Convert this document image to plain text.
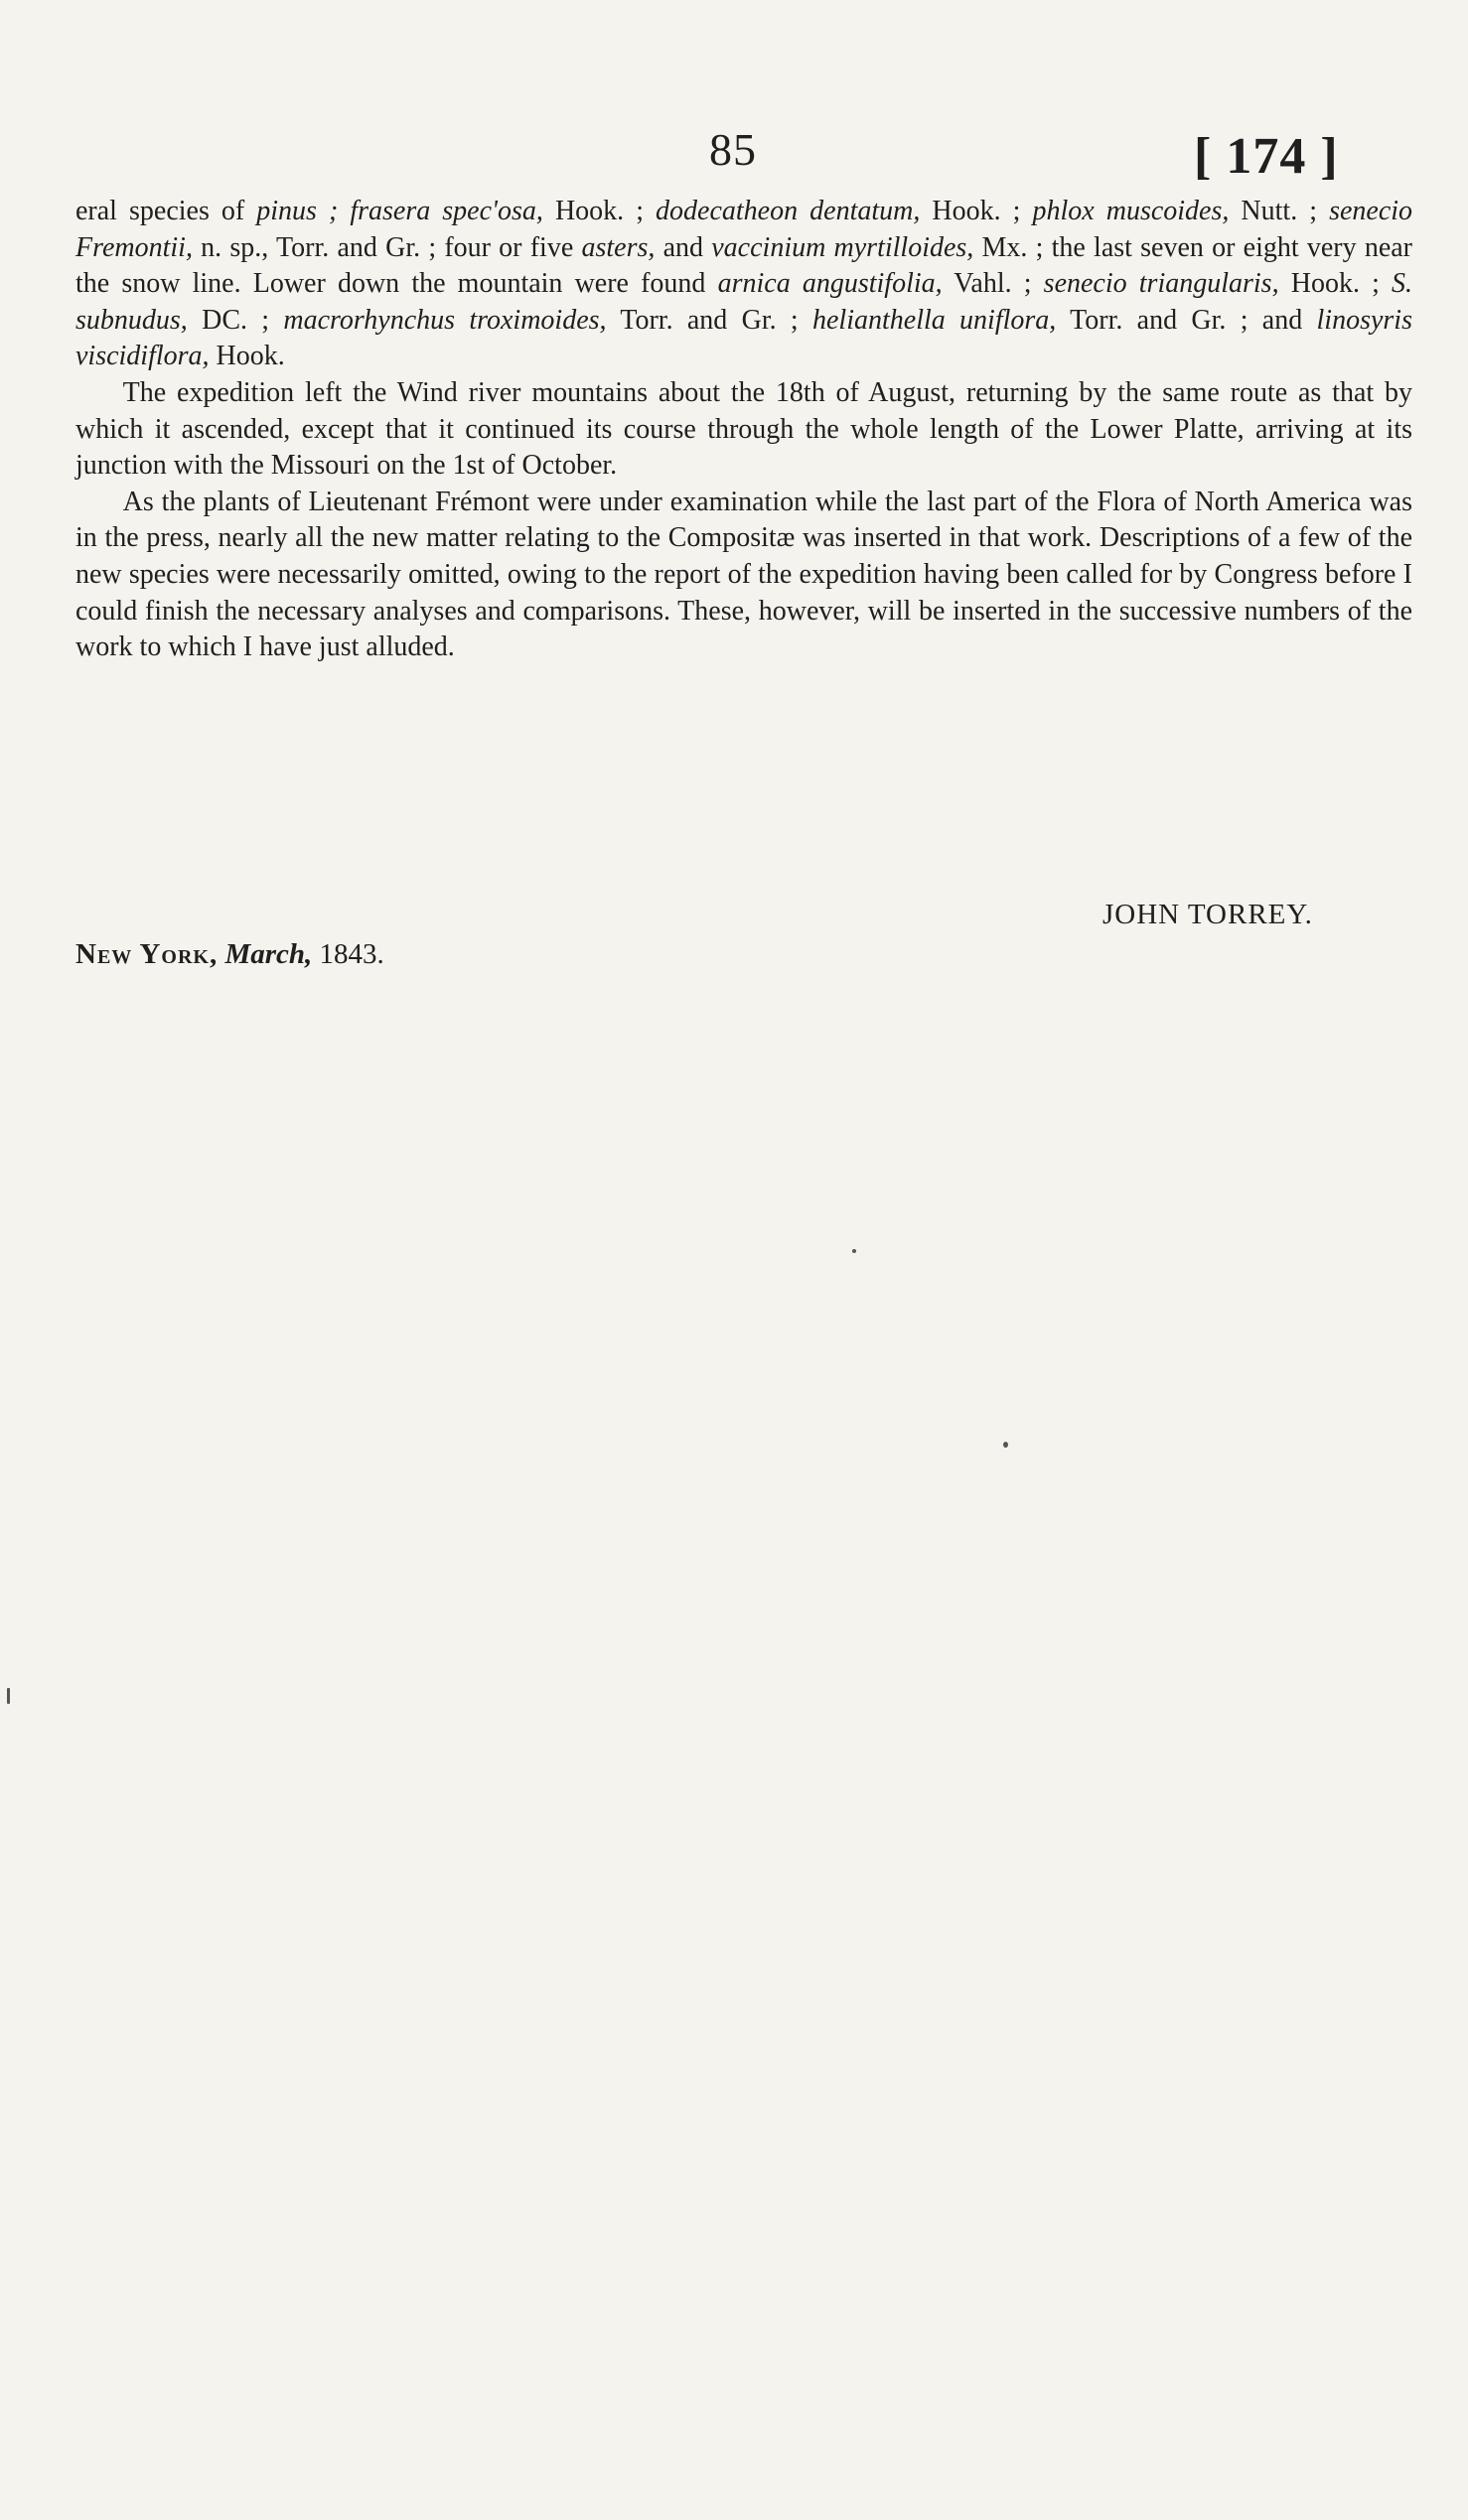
85	[ 174 ]

eral species of pinus ; frasera spec'osa, Hook. ; dodecatheon dentatum, Hook. ; phlox muscoides, Nutt. ; senecio Fremontii, n. sp., Torr. and Gr. ; four or five asters, and vaccinium myrtilloides, Mx. ; the last seven or eight very near the snow line. Lower down the mountain were found arnica angustifolia, Vahl. ; senecio triangularis, Hook. ; S. subnudus, DC. ; macrorhynchus troximoides, Torr. and Gr. ; helianthella uniflora, Torr. and Gr. ; and linosyris viscidiflora, Hook.

The expedition left the Wind river mountains about the 18th of August, returning by the same route as that by which it ascended, except that it continued its course through the whole length of the Lower Platte, arriving at its junction with the Missouri on the 1st of October.

As the plants of Lieutenant Frémont were under examination while the last part of the Flora of North America was in the press, nearly all the new matter relating to the Compositæ was inserted in that work. Descriptions of a few of the new species were necessarily omitted, owing to the report of the expedition having been called for by Congress before I could finish the necessary analyses and comparisons. These, however, will be inserted in the successive numbers of the work to which I have just alluded.

JOHN TORREY.
New York, March, 1843.
